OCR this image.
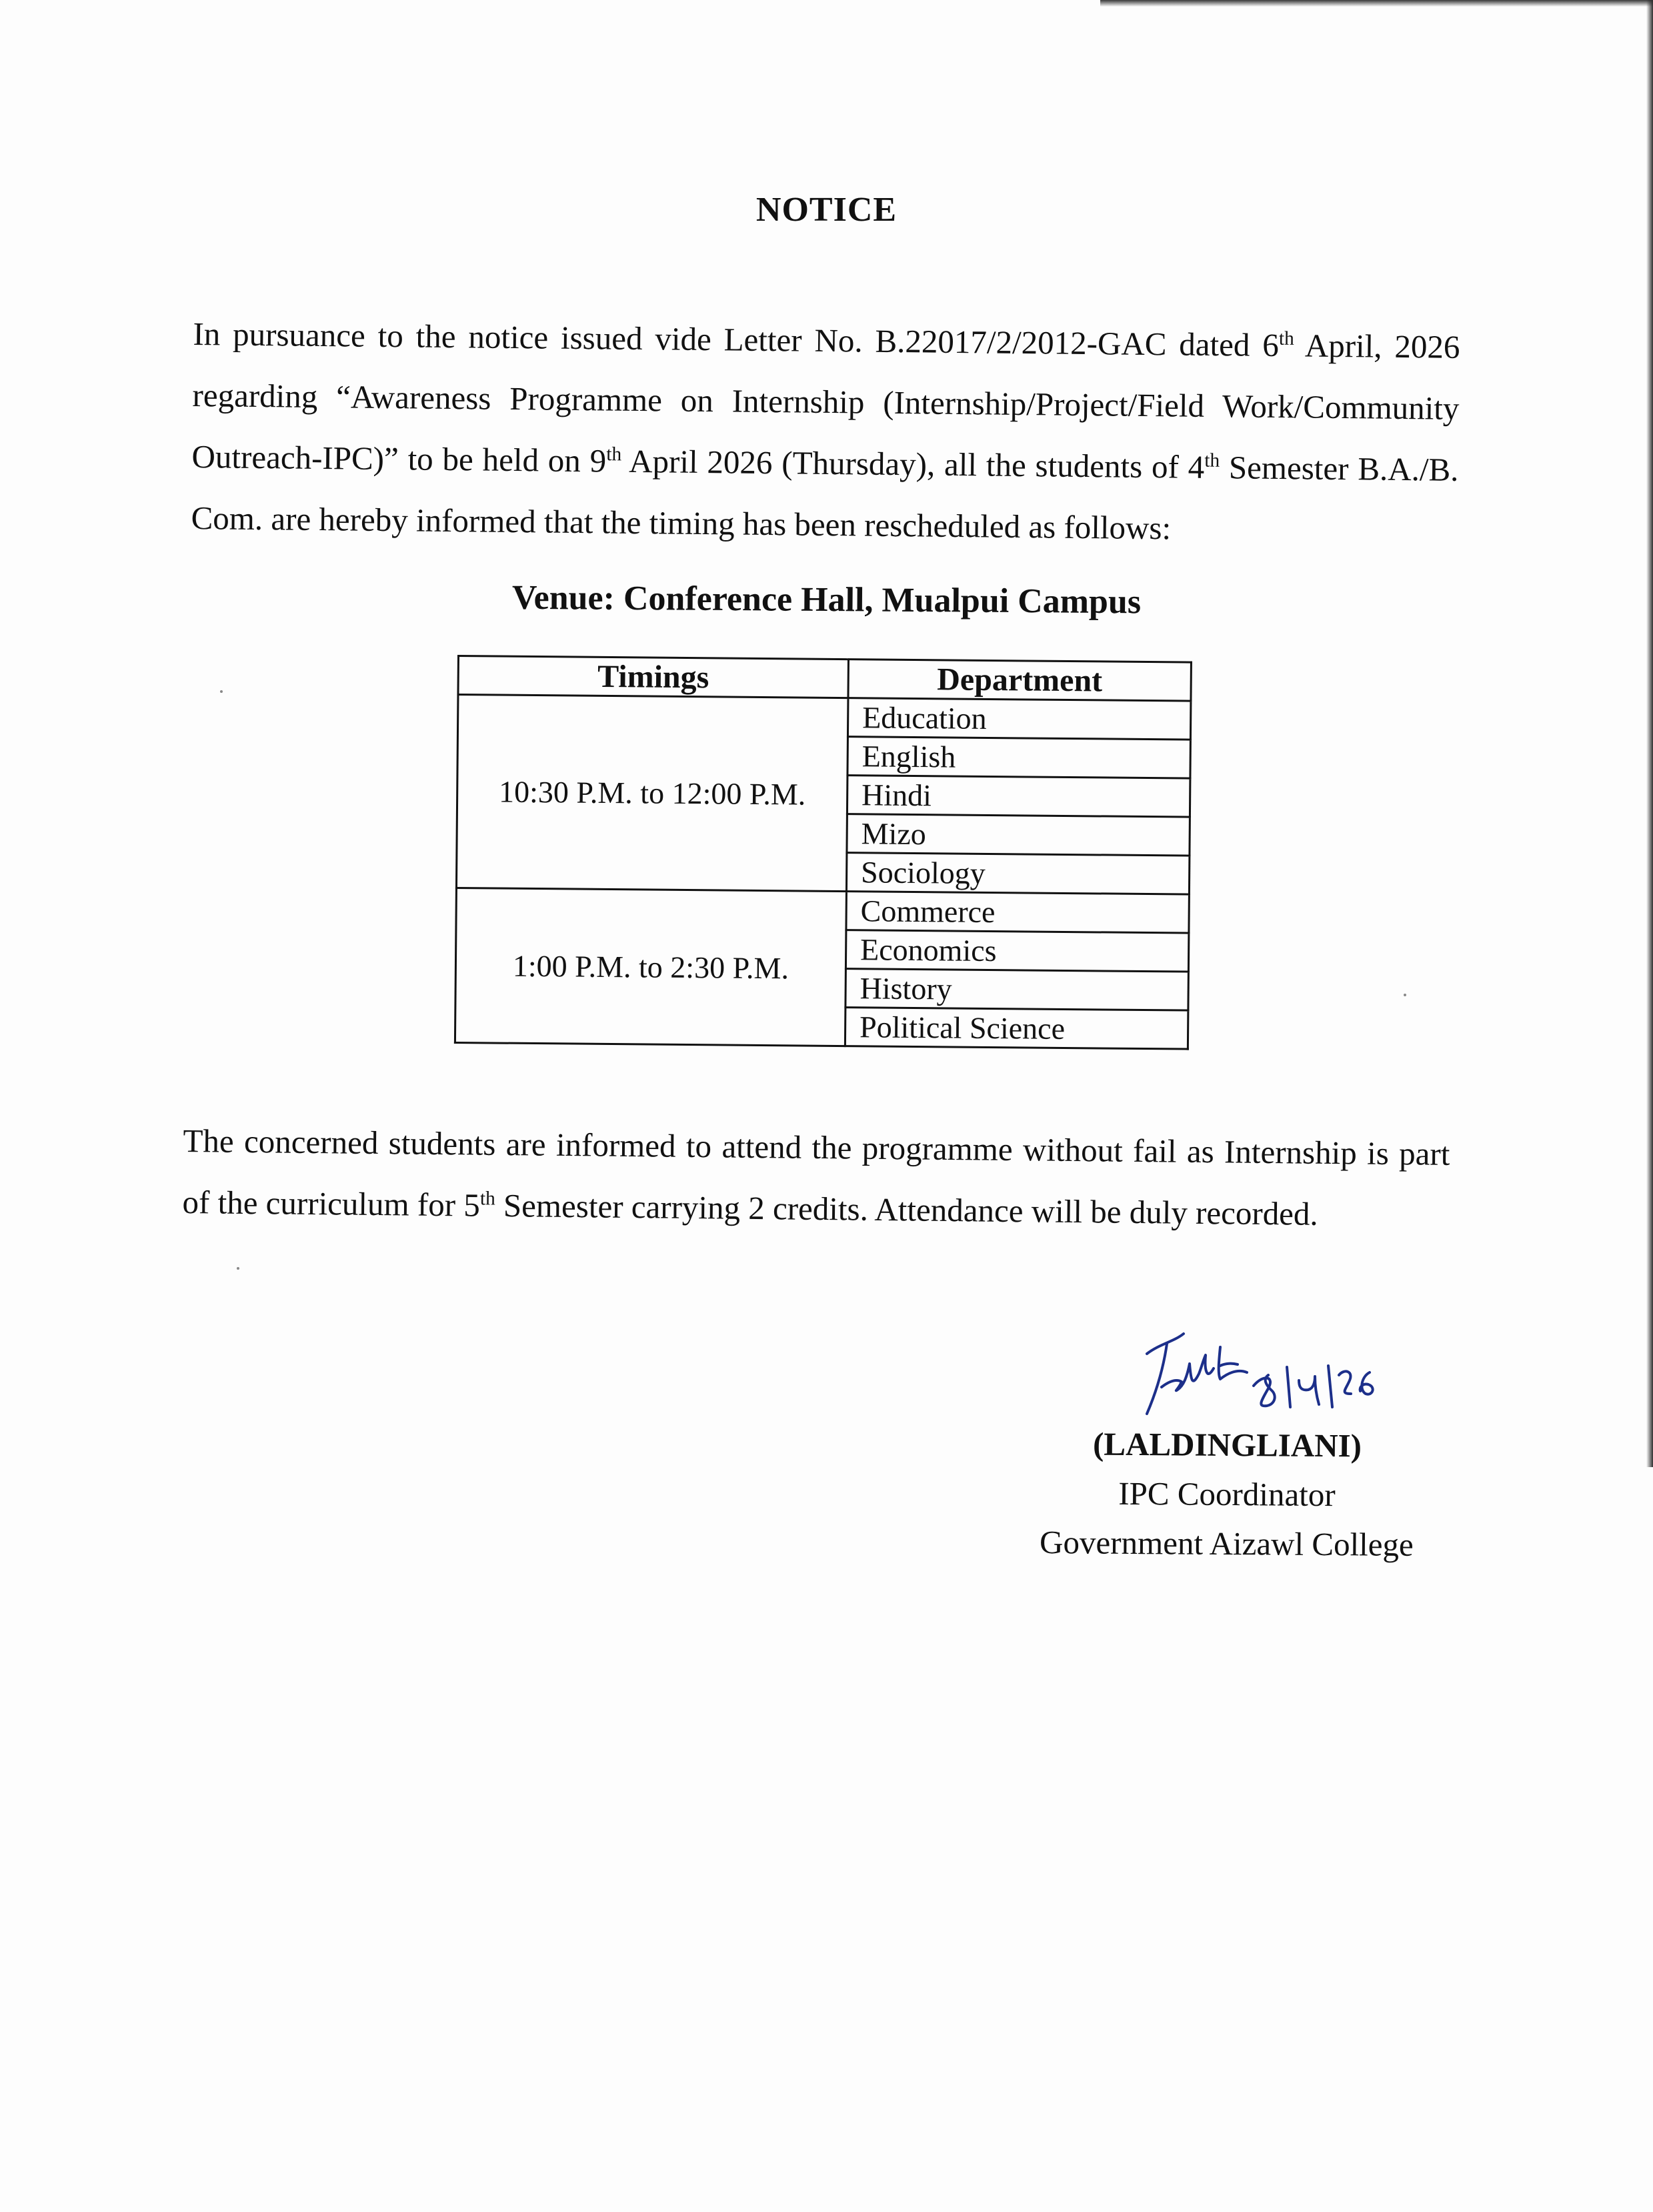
NOTICE
In pursuance to the notice issued vide Letter No. B.22017/2/2012-GAC dated 6th April, 2026 regarding “Awareness Programme on Internship (Internship/Project/Field Work/Community Outreach-IPC)” to be held on 9th April 2026 (Thursday), all the students of 4th Semester B.A./B. Com. are hereby informed that the timing has been rescheduled as follows:
Venue: Conference Hall, Mualpui Campus
Timings	Department
10:30 P.M. to 12:00 P.M.	Education
	English
	Hindi
	Mizo
	Sociology
1:00 P.M. to 2:30 P.M.	Commerce
	Economics
	History
	Political Science
The concerned students are informed to attend the programme without fail as Internship is part of the curriculum for 5th Semester carrying 2 credits. Attendance will be duly recorded.
8|4|26
(LALDINGLIANI)
IPC Coordinator
Government Aizawl College
